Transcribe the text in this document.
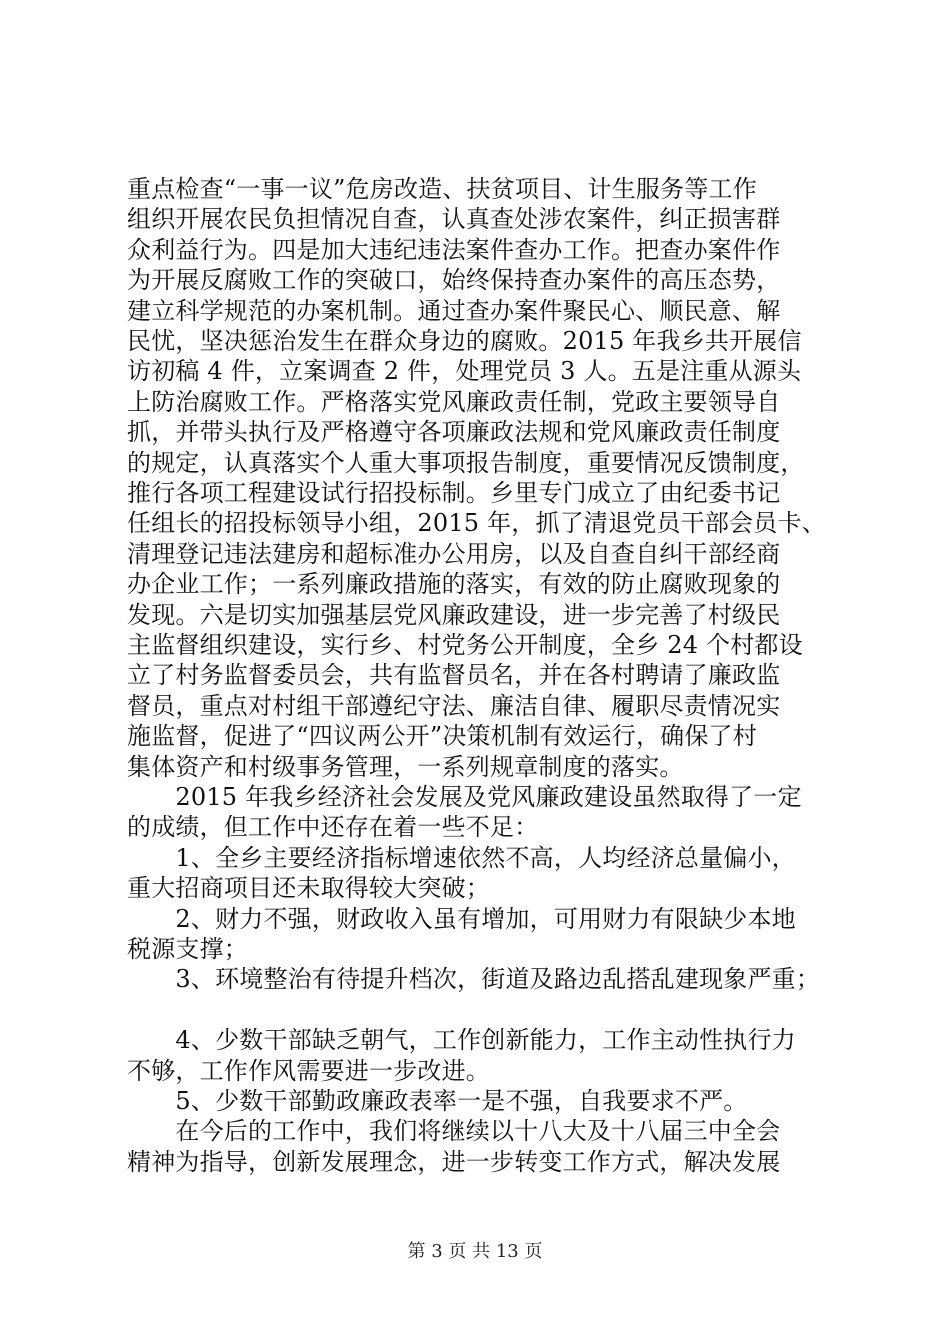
重点检查“一事一议”危房改造、扶贫项目、计生服务等工作
组织开展农民负担情况自查，认真查处涉农案件，纠正损害群
众利益行为。四是加大违纪违法案件查办工作。把查办案件作
为开展反腐败工作的突破口，始终保持查办案件的高压态势，
建立科学规范的办案机制。通过查办案件聚民心、顺民意、解
民忧，坚决惩治发生在群众身边的腐败。2015 年我乡共开展信
访初稿 4 件，立案调查 2 件，处理党员 3 人。五是注重从源头
上防治腐败工作。严格落实党风廉政责任制，党政主要领导自
抓，并带头执行及严格遵守各项廉政法规和党风廉政责任制度
的规定，认真落实个人重大事项报告制度，重要情况反馈制度，
推行各项工程建设试行招投标制。乡里专门成立了由纪委书记
任组长的招投标领导小组，2015 年，抓了清退党员干部会员卡、
清理登记违法建房和超标准办公用房，以及自查自纠干部经商
办企业工作；一系列廉政措施的落实，有效的防止腐败现象的
发现。六是切实加强基层党风廉政建设，进一步完善了村级民
主监督组织建设，实行乡、村党务公开制度，全乡 24 个村都设
立了村务监督委员会，共有监督员名，并在各村聘请了廉政监
督员，重点对村组干部遵纪守法、廉洁自律、履职尽责情况实
施监督，促进了“四议两公开”决策机制有效运行，确保了村
集体资产和村级事务管理，一系列规章制度的落实。
　　2015 年我乡经济社会发展及党风廉政建设虽然取得了一定
的成绩，但工作中还存在着一些不足：
　　1、全乡主要经济指标增速依然不高，人均经济总量偏小，
重大招商项目还未取得较大突破；
　　2、财力不强，财政收入虽有增加，可用财力有限缺少本地
税源支撑；
　　3、环境整治有待提升档次，街道及路边乱搭乱建现象严重；
　　4、少数干部缺乏朝气，工作创新能力，工作主动性执行力
不够，工作作风需要进一步改进。
　　5、少数干部勤政廉政表率一是不强，自我要求不严。
　　在今后的工作中，我们将继续以十八大及十八届三中全会
精神为指导，创新发展理念，进一步转变工作方式，解决发展
第 3 页 共 13 页
